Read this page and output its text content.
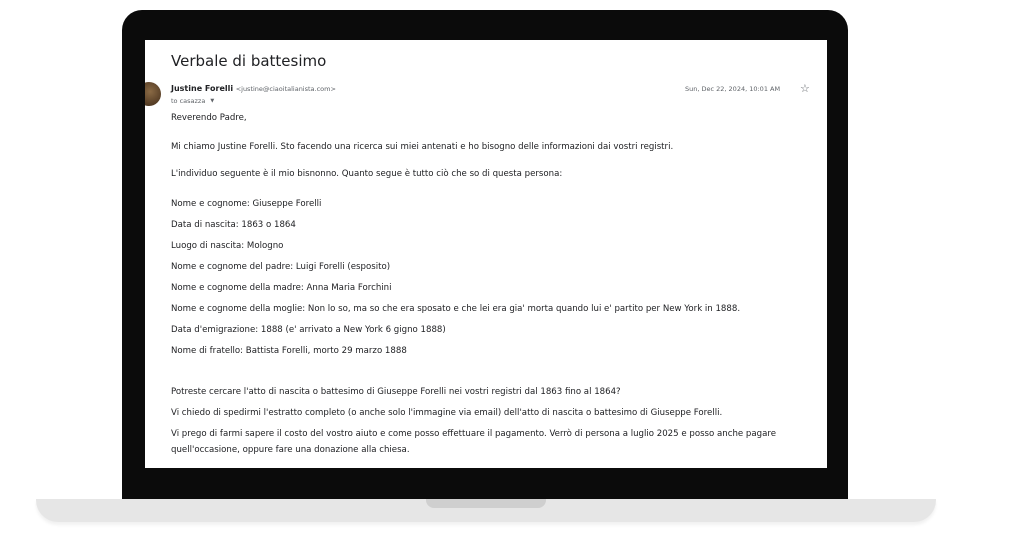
Verbale di battesimo
Justine Forelli <justine@ciaoitalianista.com>
to casazza ▼
Sun, Dec 22, 2024, 10:01 AM ☆

Reverendo Padre,

Mi chiamo Justine Forelli. Sto facendo una ricerca sui miei antenati e ho bisogno delle informazioni dai vostri registri.

L'individuo seguente è il mio bisnonno. Quanto segue è tutto ciò che so di questa persona:

Nome e cognome: Giuseppe Forelli

Data di nascita: 1863 o 1864

Luogo di nascita: Mologno

Nome e cognome del padre: Luigi Forelli (esposito)

Nome e cognome della madre: Anna Maria Forchini

Nome e cognome della moglie: Non lo so, ma so che era sposato e che lei era gia' morta quando lui e' partito per New York in 1888.

Data d'emigrazione: 1888 (e' arrivato a New York 6 gigno 1888)

Nome di fratello: Battista Forelli, morto 29 marzo 1888

Potreste cercare l'atto di nascita o battesimo di Giuseppe Forelli nei vostri registri dal 1863 fino al 1864?

Vi chiedo di spedirmi l'estratto completo (o anche solo l'immagine via email) dell'atto di nascita o battesimo di Giuseppe Forelli.

Vi prego di farmi sapere il costo del vostro aiuto e come posso effettuare il pagamento. Verrò di persona a luglio 2025 e posso anche pagare

quell'occasione, oppure fare una donazione alla chiesa.
